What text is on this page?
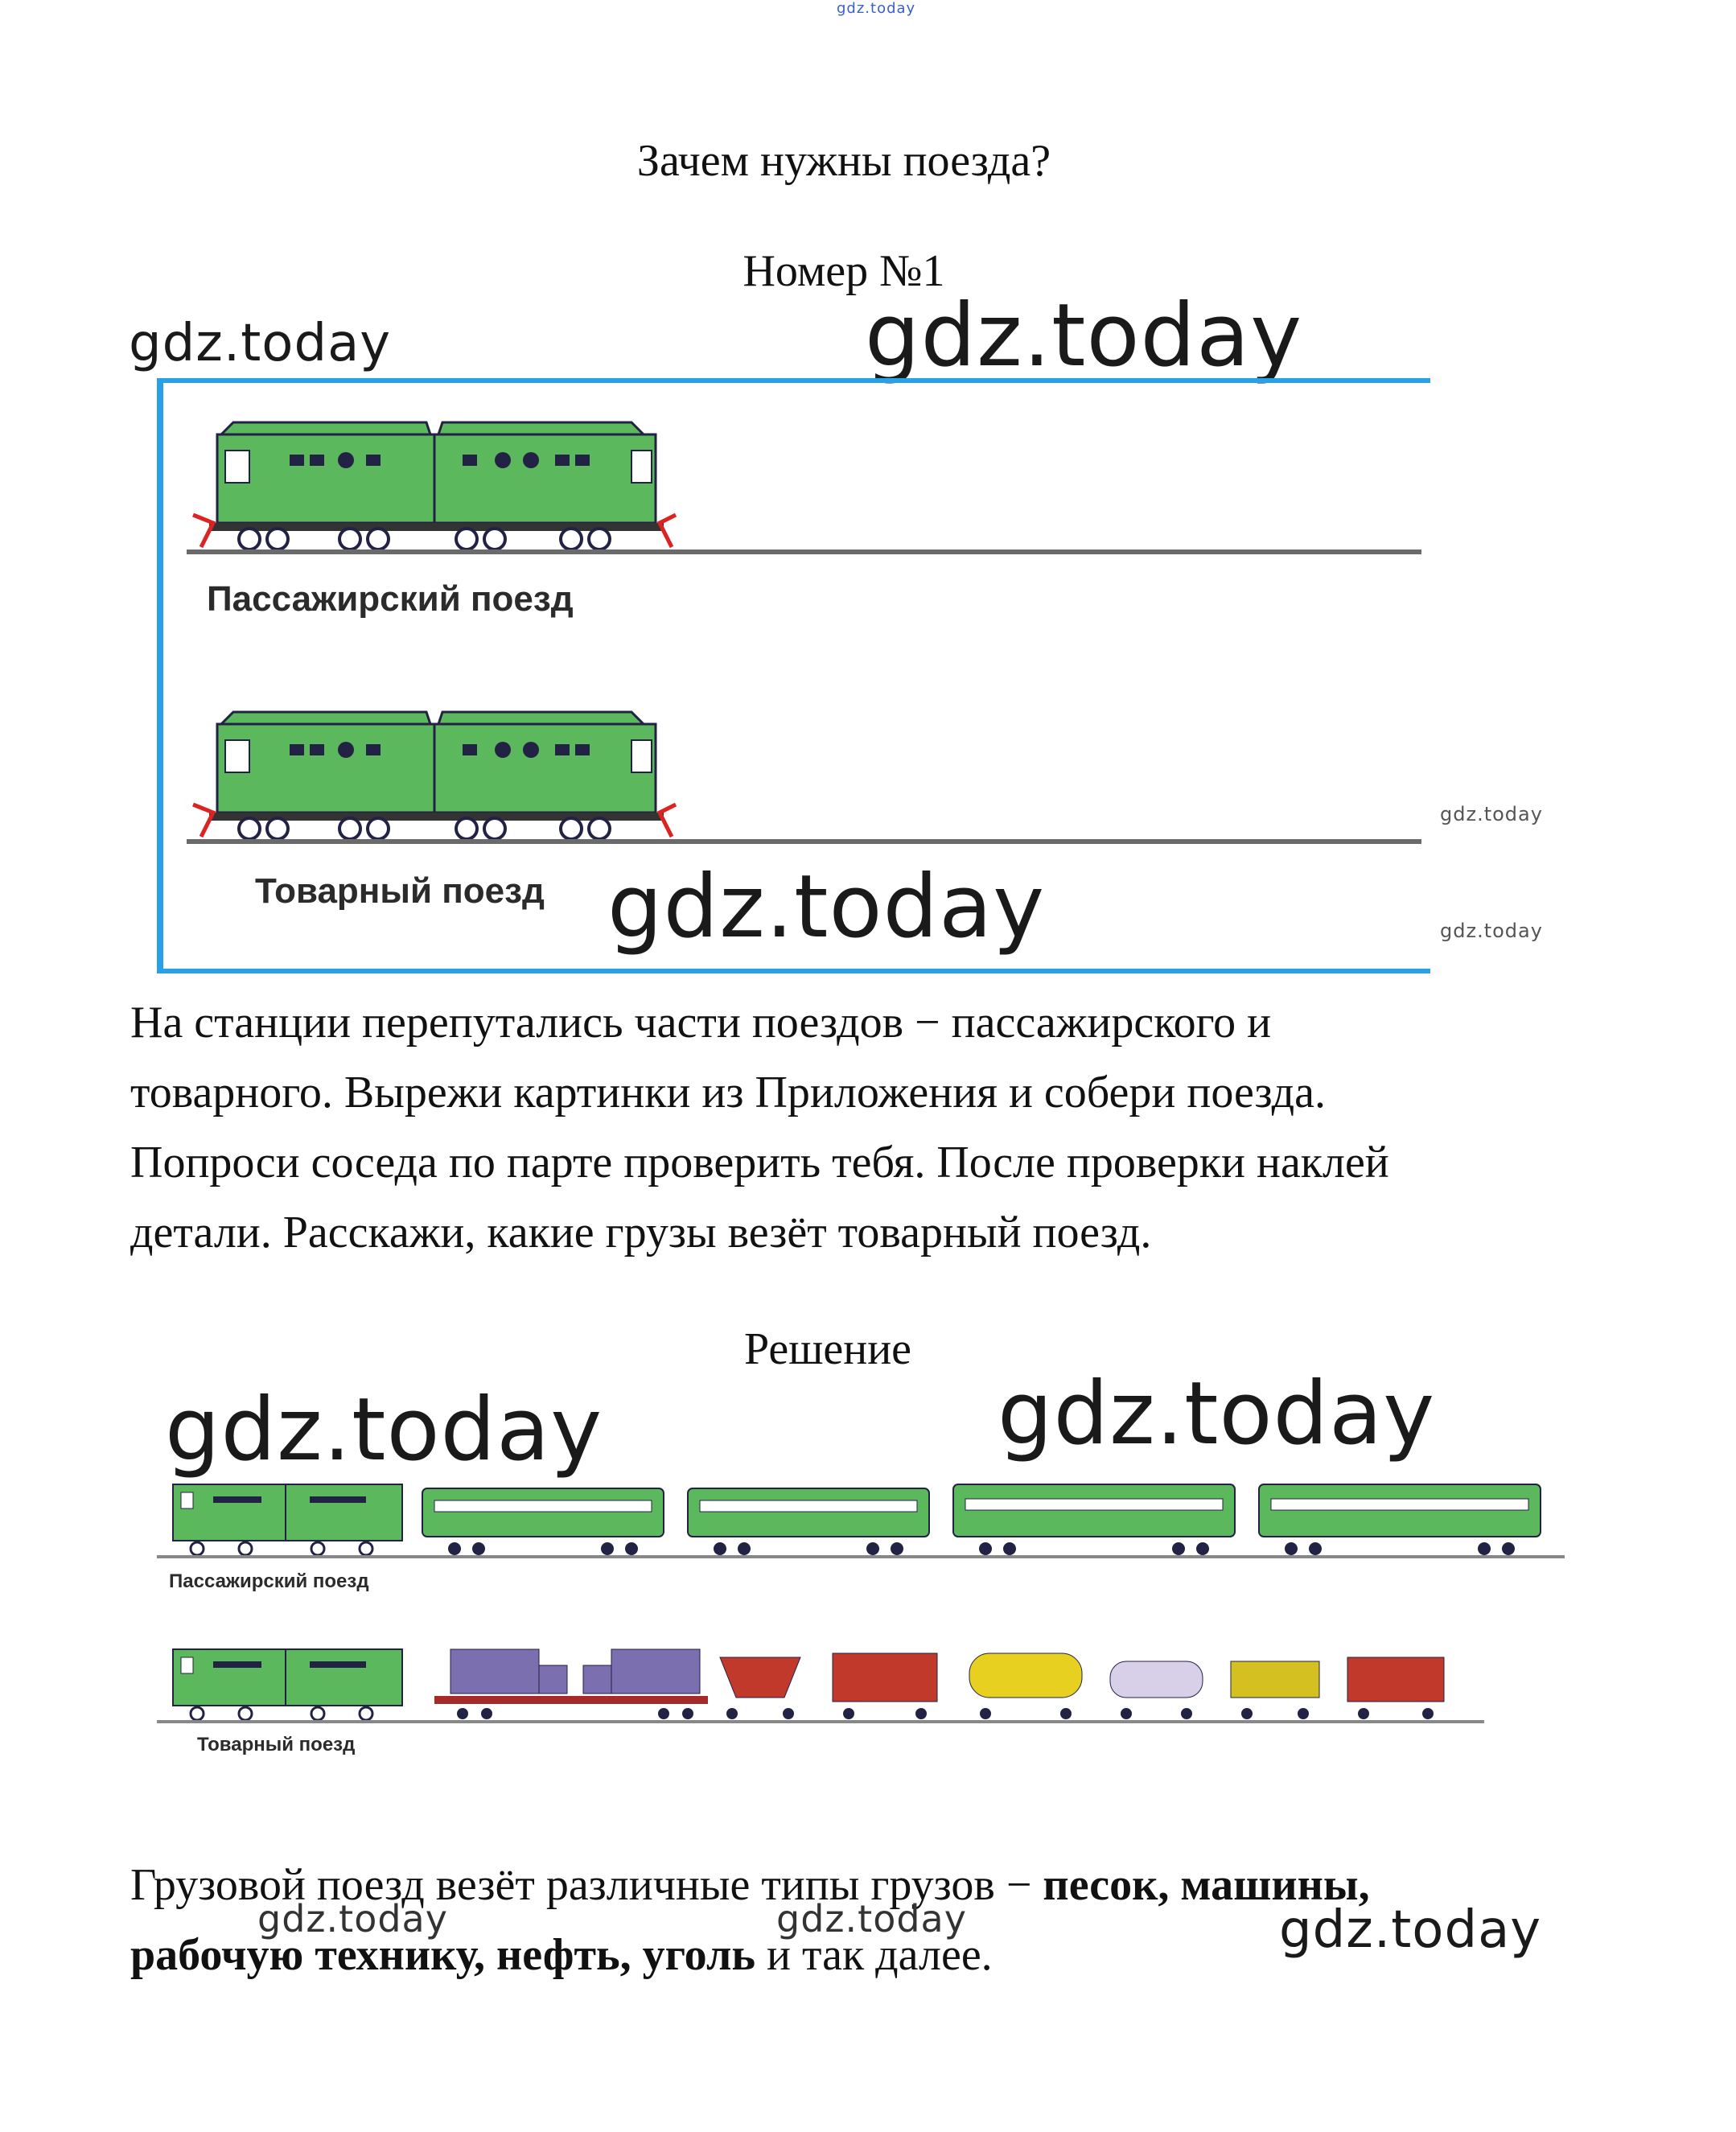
gdz.today
Зачем нужны поезда?
Номер №1
gdz.today	gdz.today
Пассажирский поезд
Товарный поезд gdz.today
gdz.today
gdz.today

На станции перепутались части поездов − пассажирского и

товарного. Вырежи картинки из Приложения и собери поезда.

Попроси соседа по парте проверить тебя. После проверки наклей

детали. Расскажи, какие грузы везёт товарный поезд.

Решение
gdz.today	gdz.today
Пассажирский поезд
Товарный поезд

Грузовой поезд везёт различные типы грузов − песок, машины,

рабочую технику, нефть, уголь и так далее.

gdz.today	gdz.today	gdz.today
